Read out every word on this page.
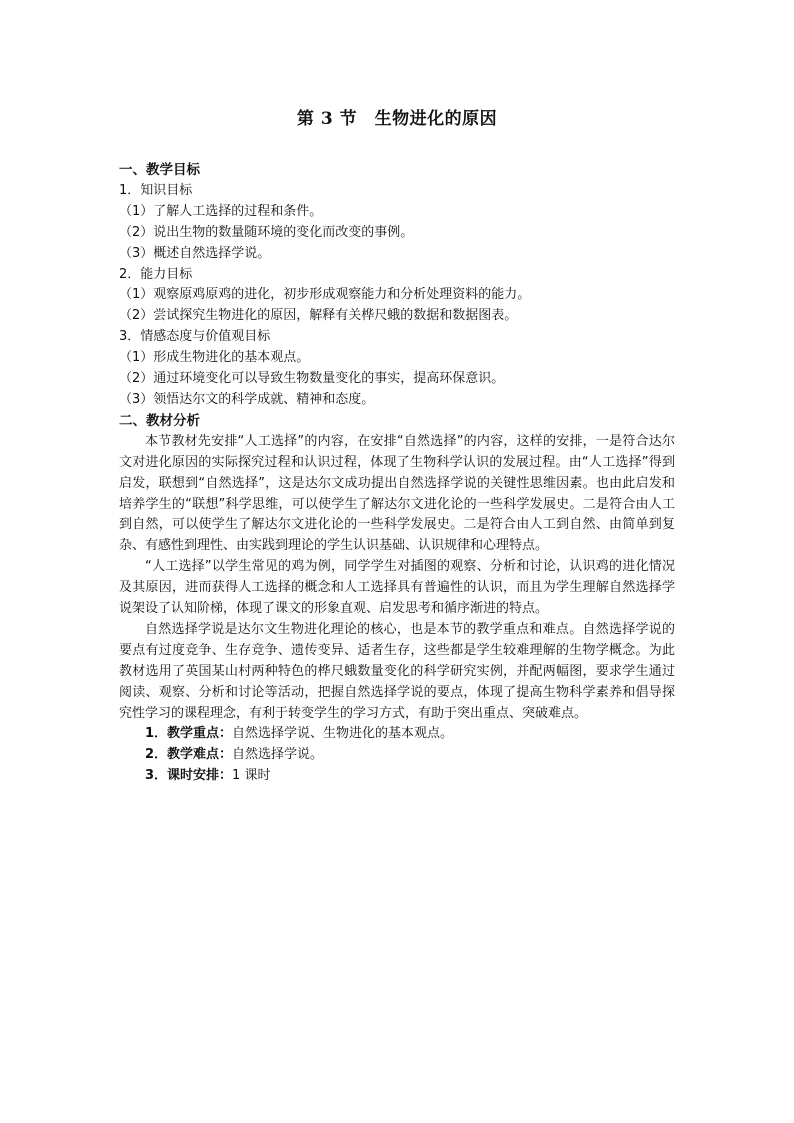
第 3 节　生物进化的原因

一、教学目标

1．知识目标

（1）了解人工选择的过程和条件。

（2）说出生物的数量随环境的变化而改变的事例。

（3）概述自然选择学说。

2．能力目标

（1）观察原鸡原鸡的进化，初步形成观察能力和分析处理资料的能力。

（2）尝试探究生物进化的原因，解释有关桦尺蛾的数据和数据图表。

3．情感态度与价值观目标

（1）形成生物进化的基本观点。

（2）通过环境变化可以导致生物数量变化的事实，提高环保意识。

（3）领悟达尔文的科学成就、精神和态度。

二、教材分析

本节教材先安排“人工选择”的内容，在安排“自然选择”的内容，这样的安排，一是符合达尔文对进化原因的实际探究过程和认识过程，体现了生物科学认识的发展过程。由“人工选择”得到启发，联想到“自然选择”，这是达尔文成功提出自然选择学说的关键性思维因素。也由此启发和培养学生的“联想”科学思维，可以使学生了解达尔文进化论的一些科学发展史。二是符合由人工到自然，可以使学生了解达尔文进化论的一些科学发展史。二是符合由人工到自然、由简单到复杂、有感性到理性、由实践到理论的学生认识基础、认识规律和心理特点。

“人工选择”以学生常见的鸡为例，同学学生对插图的观察、分析和讨论，认识鸡的进化情况及其原因，进而获得人工选择的概念和人工选择具有普遍性的认识，而且为学生理解自然选择学说架设了认知阶梯，体现了课文的形象直观、启发思考和循序渐进的特点。

自然选择学说是达尔文生物进化理论的核心，也是本节的教学重点和难点。自然选择学说的要点有过度竞争、生存竞争、遗传变异、适者生存，这些都是学生较难理解的生物学概念。为此教材选用了英国某山村两种特色的桦尺蛾数量变化的科学研究实例，并配两幅图，要求学生通过阅读、观察、分析和讨论等活动，把握自然选择学说的要点，体现了提高生物科学素养和倡导探究性学习的课程理念，有利于转变学生的学习方式，有助于突出重点、突破难点。

1．教学重点：自然选择学说、生物进化的基本观点。

2．教学难点：自然选择学说。

3．课时安排：1 课时
